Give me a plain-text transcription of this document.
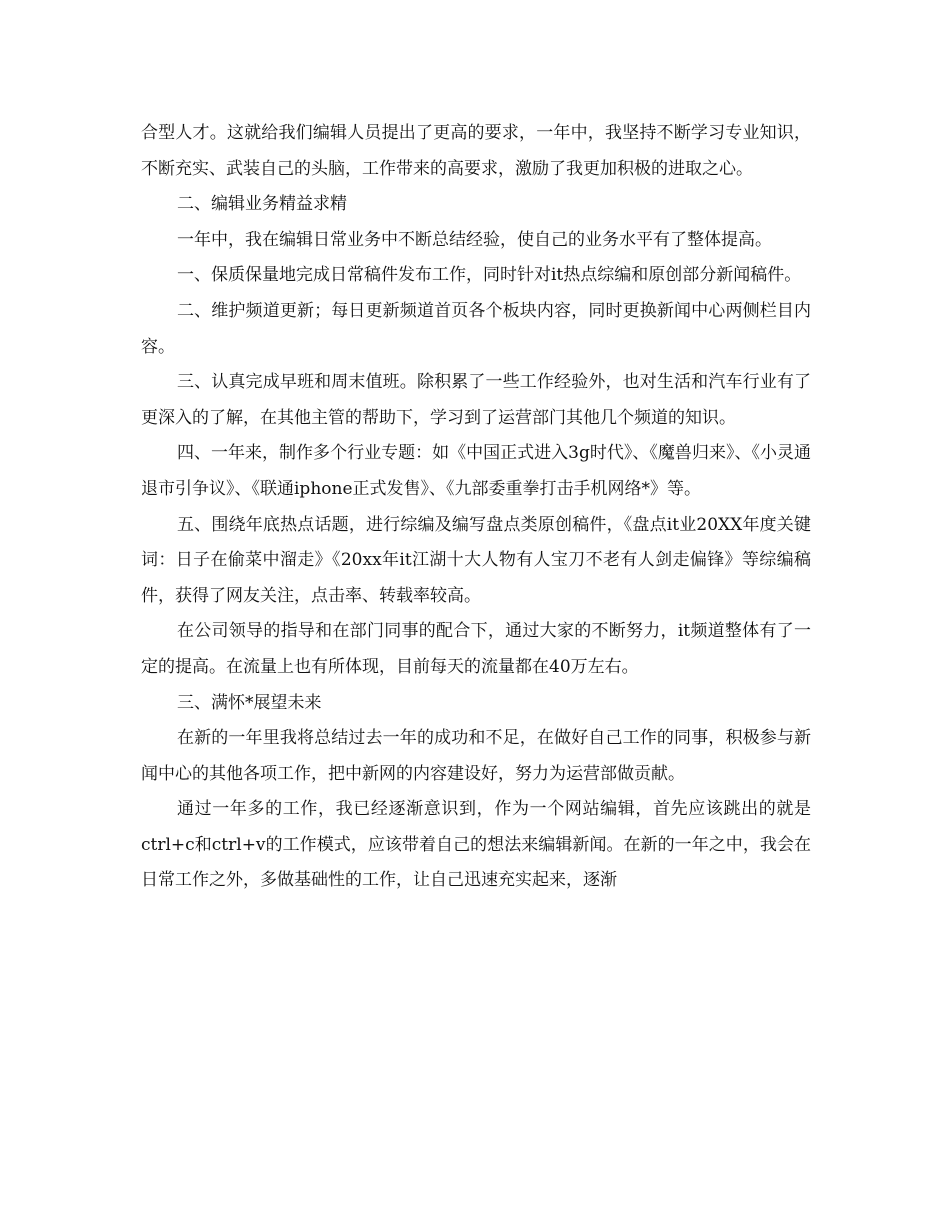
合型人才。这就给我们编辑人员提出了更高的要求，一年中，我坚持不断学习专业知识，不断充实、武装自己的头脑，工作带来的高要求，激励了我更加积极的进取之心。

二、编辑业务精益求精

一年中，我在编辑日常业务中不断总结经验，使自己的业务水平有了整体提高。

一、保质保量地完成日常稿件发布工作，同时针对it热点综编和原创部分新闻稿件。

二、维护频道更新；每日更新频道首页各个板块内容，同时更换新闻中心两侧栏目内容。

三、认真完成早班和周末值班。除积累了一些工作经验外，也对生活和汽车行业有了更深入的了解，在其他主管的帮助下，学习到了运营部门其他几个频道的知识。

四、一年来，制作多个行业专题：如《中国正式进入3g时代》、《魔兽归来》、《小灵通退市引争议》、《联通iphone正式发售》、《九部委重拳打击手机网络*》等。

五、围绕年底热点话题，进行综编及编写盘点类原创稿件，《盘点it业20XX年度关键词：日子在偷菜中溜走》《20xx年it江湖十大人物有人宝刀不老有人剑走偏锋》等综编稿件，获得了网友关注，点击率、转载率较高。

在公司领导的指导和在部门同事的配合下，通过大家的不断努力，it频道整体有了一定的提高。在流量上也有所体现，目前每天的流量都在40万左右。

三、满怀*展望未来

在新的一年里我将总结过去一年的成功和不足，在做好自己工作的同事，积极参与新闻中心的其他各项工作，把中新网的内容建设好，努力为运营部做贡献。

通过一年多的工作，我已经逐渐意识到，作为一个网站编辑，首先应该跳出的就是ctrl+c和ctrl+v的工作模式，应该带着自己的想法来编辑新闻。在新的一年之中，我会在日常工作之外，多做基础性的工作，让自己迅速充实起来，逐渐
